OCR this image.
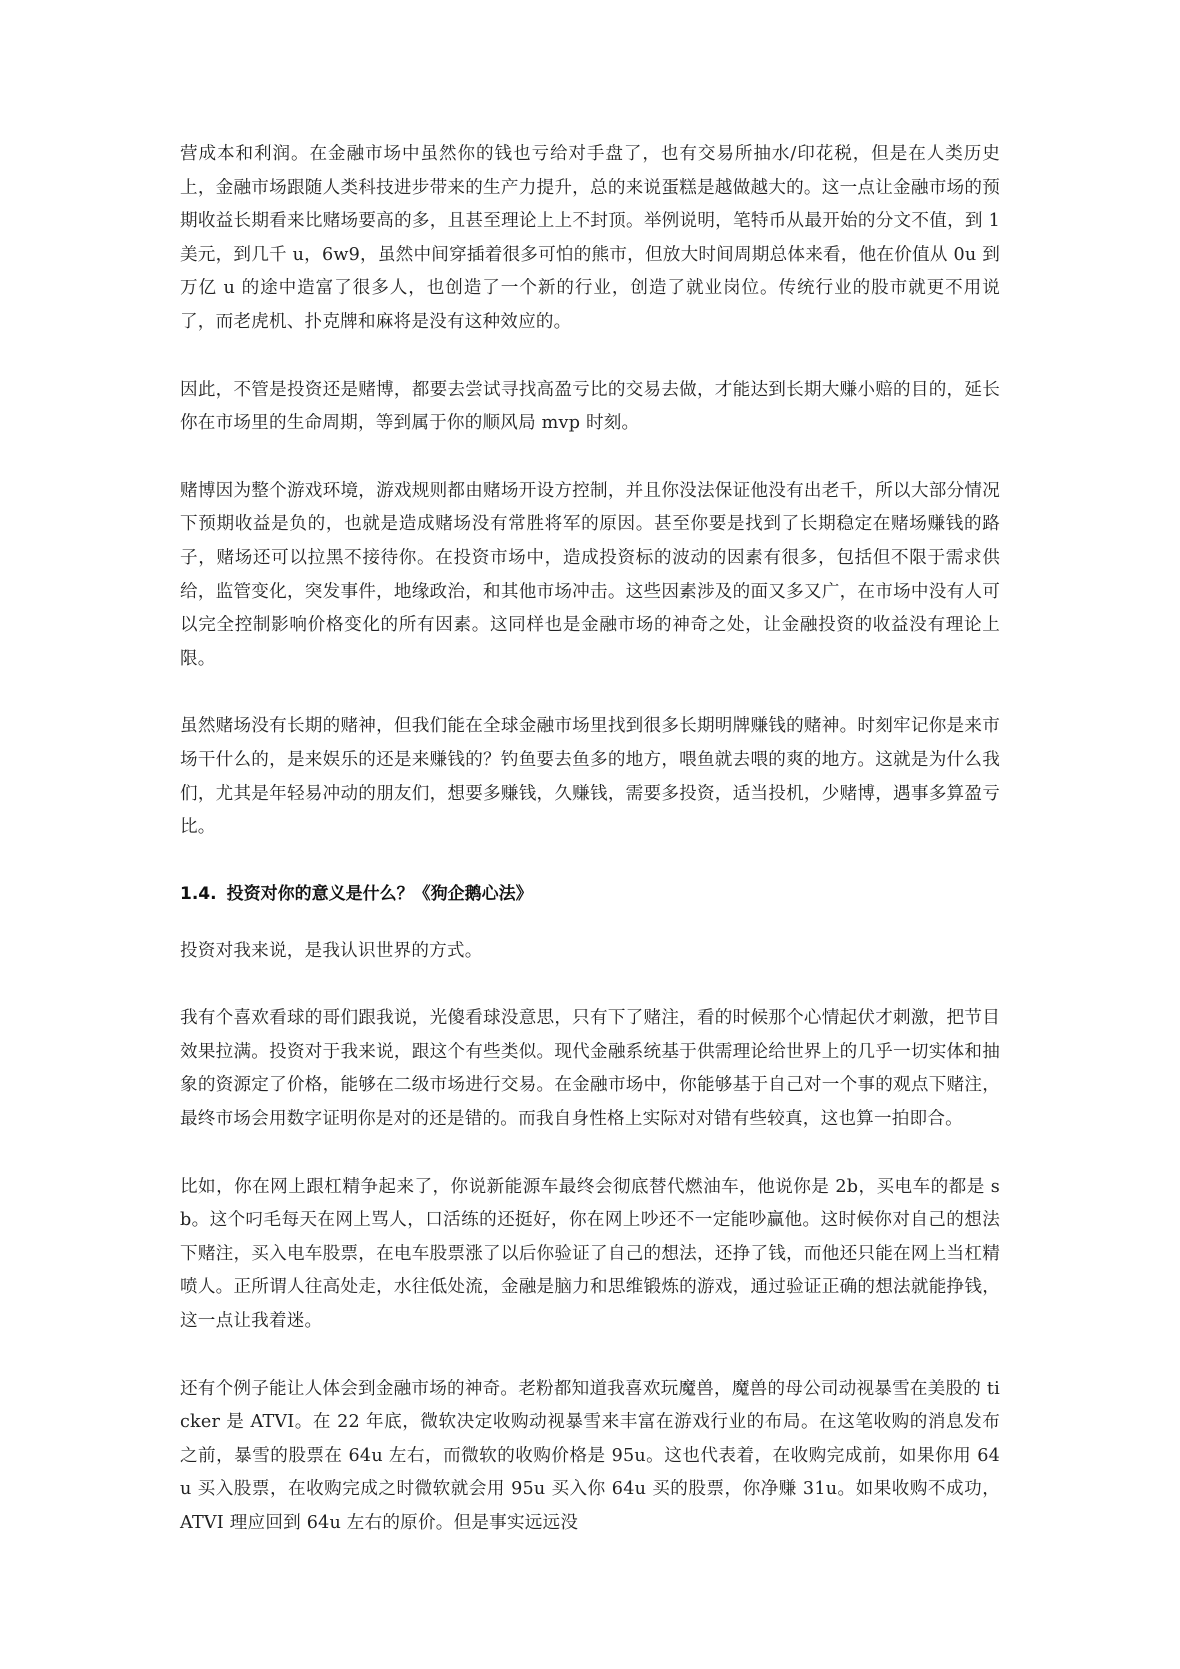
营成本和利润。在金融市场中虽然你的钱也亏给对手盘了，也有交易所抽水/印花税，但是在人类历史上，金融市场跟随人类科技进步带来的生产力提升，总的来说蛋糕是越做越大的。这一点让金融市场的预期收益长期看来比赌场要高的多，且甚至理论上上不封顶。举例说明，笔特币从最开始的分文不值，到 1 美元，到几千 u，6w9，虽然中间穿插着很多可怕的熊市，但放大时间周期总体来看，他在价值从 0u 到万亿 u 的途中造富了很多人，也创造了一个新的行业，创造了就业岗位。传统行业的股市就更不用说了，而老虎机、扑克牌和麻将是没有这种效应的。

因此，不管是投资还是赌博，都要去尝试寻找高盈亏比的交易去做，才能达到长期大赚小赔的目的，延长你在市场里的生命周期，等到属于你的顺风局 mvp 时刻。

赌博因为整个游戏环境，游戏规则都由赌场开设方控制，并且你没法保证他没有出老千，所以大部分情况下预期收益是负的，也就是造成赌场没有常胜将军的原因。甚至你要是找到了长期稳定在赌场赚钱的路子，赌场还可以拉黑不接待你。在投资市场中，造成投资标的波动的因素有很多，包括但不限于需求供给，监管变化，突发事件，地缘政治，和其他市场冲击。这些因素涉及的面又多又广，在市场中没有人可以完全控制影响价格变化的所有因素。这同样也是金融市场的神奇之处，让金融投资的收益没有理论上限。

虽然赌场没有长期的赌神，但我们能在全球金融市场里找到很多长期明牌赚钱的赌神。时刻牢记你是来市场干什么的，是来娱乐的还是来赚钱的？钓鱼要去鱼多的地方，喂鱼就去喂的爽的地方。这就是为什么我们，尤其是年轻易冲动的朋友们，想要多赚钱，久赚钱，需要多投资，适当投机，少赌博，遇事多算盈亏比。

1.4. 投资对你的意义是什么？《狗企鹅心法》

投资对我来说，是我认识世界的方式。

我有个喜欢看球的哥们跟我说，光傻看球没意思，只有下了赌注，看的时候那个心情起伏才刺激，把节目效果拉满。投资对于我来说，跟这个有些类似。现代金融系统基于供需理论给世界上的几乎一切实体和抽象的资源定了价格，能够在二级市场进行交易。在金融市场中，你能够基于自己对一个事的观点下赌注，最终市场会用数字证明你是对的还是错的。而我自身性格上实际对对错有些较真，这也算一拍即合。

比如，你在网上跟杠精争起来了，你说新能源车最终会彻底替代燃油车，他说你是 2b，买电车的都是 sb。这个叼毛每天在网上骂人，口活练的还挺好，你在网上吵还不一定能吵赢他。这时候你对自己的想法下赌注，买入电车股票，在电车股票涨了以后你验证了自己的想法，还挣了钱，而他还只能在网上当杠精喷人。正所谓人往高处走，水往低处流，金融是脑力和思维锻炼的游戏，通过验证正确的想法就能挣钱，这一点让我着迷。

还有个例子能让人体会到金融市场的神奇。老粉都知道我喜欢玩魔兽，魔兽的母公司动视暴雪在美股的 ticker 是 ATVI。在 22 年底，微软决定收购动视暴雪来丰富在游戏行业的布局。在这笔收购的消息发布之前，暴雪的股票在 64u 左右，而微软的收购价格是 95u。这也代表着，在收购完成前，如果你用 64u 买入股票，在收购完成之时微软就会用 95u 买入你 64u 买的股票，你净赚 31u。如果收购不成功，ATVI 理应回到 64u 左右的原价。但是事实远远没
